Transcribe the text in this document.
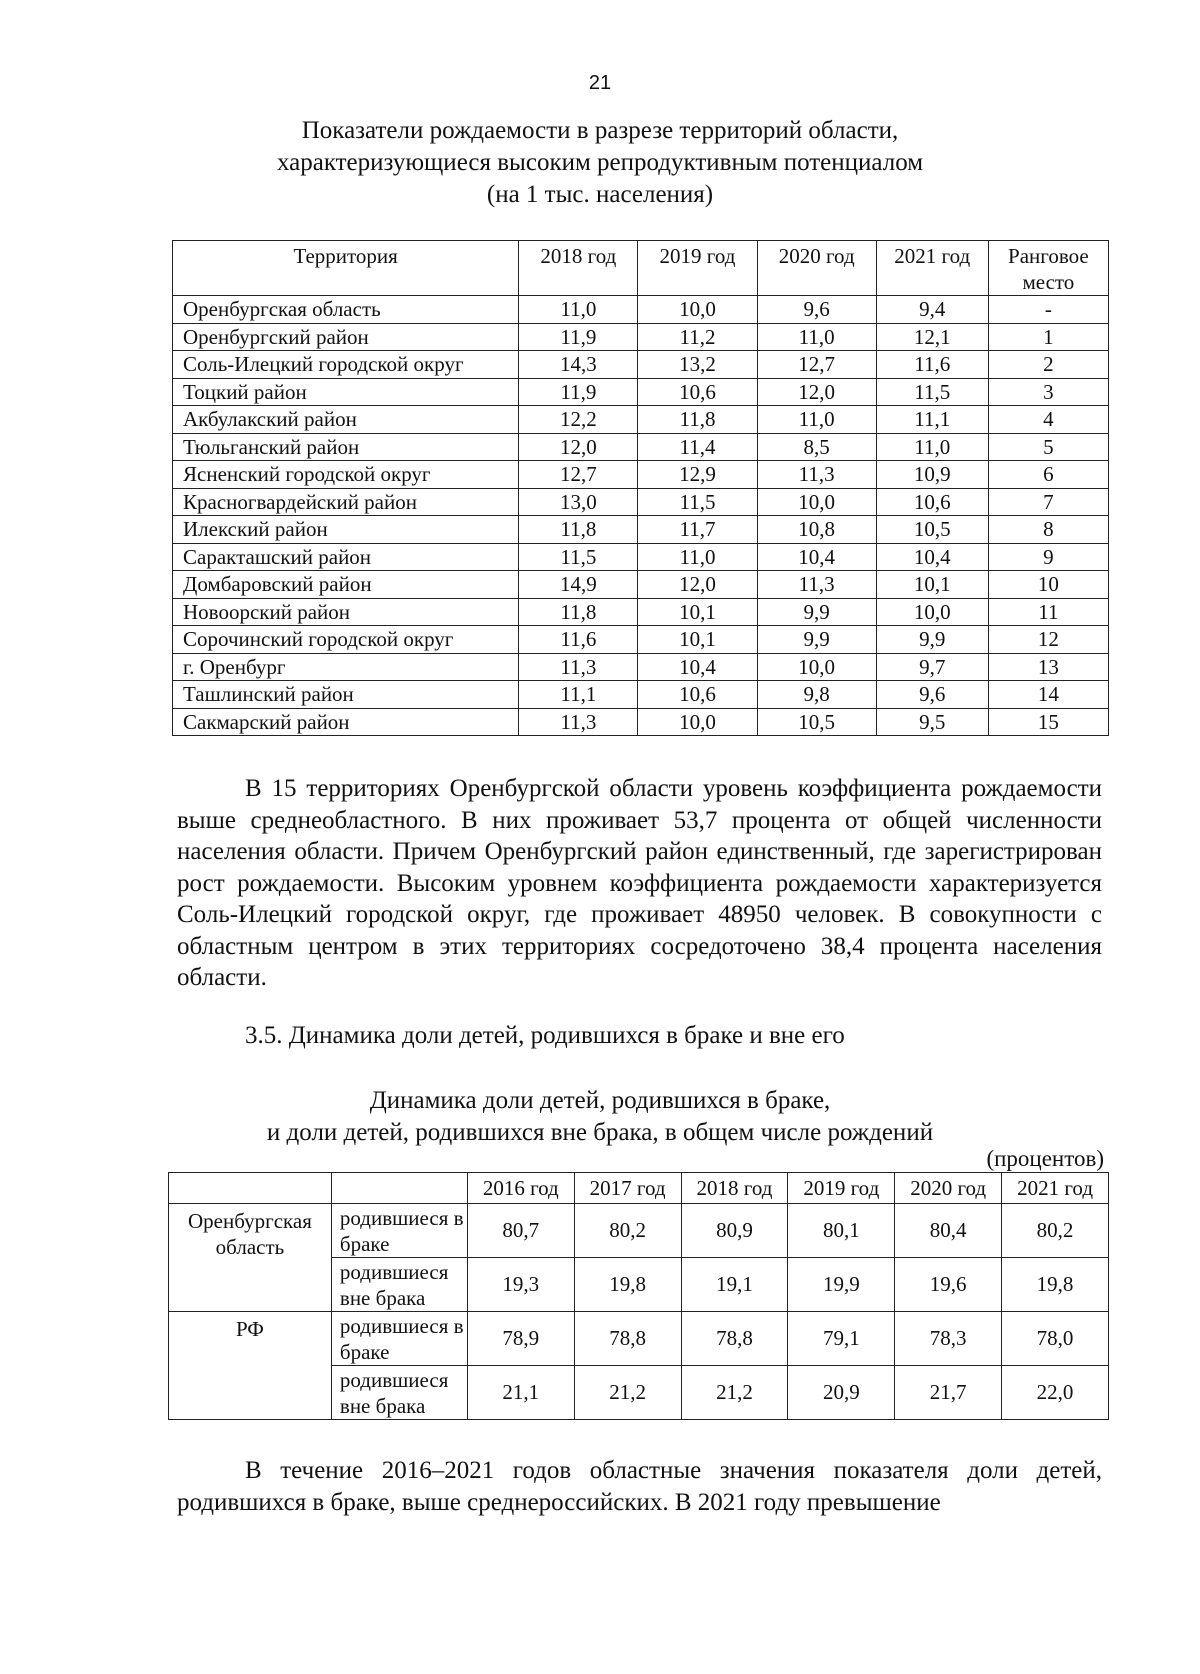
21
Показатели рождаемости в разрезе территорий области,
характеризующиеся высоким репродуктивным потенциалом
(на 1 тыс. населения)
Территория	2018 год	2019 год	2020 год	2021 год	Ранговое место
Оренбургская область	11,0	10,0	9,6	9,4	-
Оренбургский район	11,9	11,2	11,0	12,1	1
Соль-Илецкий городской округ	14,3	13,2	12,7	11,6	2
Тоцкий район	11,9	10,6	12,0	11,5	3
Акбулакский район	12,2	11,8	11,0	11,1	4
Тюльганский район	12,0	11,4	8,5	11,0	5
Ясненский городской округ	12,7	12,9	11,3	10,9	6
Красногвардейский район	13,0	11,5	10,0	10,6	7
Илекский район	11,8	11,7	10,8	10,5	8
Саракташский район	11,5	11,0	10,4	10,4	9
Домбаровский район	14,9	12,0	11,3	10,1	10
Новоорский район	11,8	10,1	9,9	10,0	11
Сорочинский городской округ	11,6	10,1	9,9	9,9	12
г. Оренбург	11,3	10,4	10,0	9,7	13
Ташлинский район	11,1	10,6	9,8	9,6	14
Сакмарский район	11,3	10,0	10,5	9,5	15
В 15 территориях Оренбургской области уровень коэффициента рождаемости выше среднеобластного. В них проживает 53,7 процента от общей численности населения области. Причем Оренбургский район единственный, где зарегистрирован рост рождаемости. Высоким уровнем коэффициента рождаемости характеризуется Соль-Илецкий городской округ, где проживает 48950 человек. В совокупности с областным центром в этих территориях сосредоточено 38,4 процента населения области.
3.5. Динамика доли детей, родившихся в браке и вне его
Динамика доли детей, родившихся в браке,
и доли детей, родившихся вне брака, в общем числе рождений
(процентов)
		2016 год	2017 год	2018 год	2019 год	2020 год	2021 год
Оренбургская область	родившиеся в браке	80,7	80,2	80,9	80,1	80,4	80,2
	родившиеся вне брака	19,3	19,8	19,1	19,9	19,6	19,8
РФ	родившиеся в браке	78,9	78,8	78,8	79,1	78,3	78,0
	родившиеся вне брака	21,1	21,2	21,2	20,9	21,7	22,0
В течение 2016–2021 годов областные значения показателя доли детей, родившихся в браке, выше среднероссийских. В 2021 году превышение
